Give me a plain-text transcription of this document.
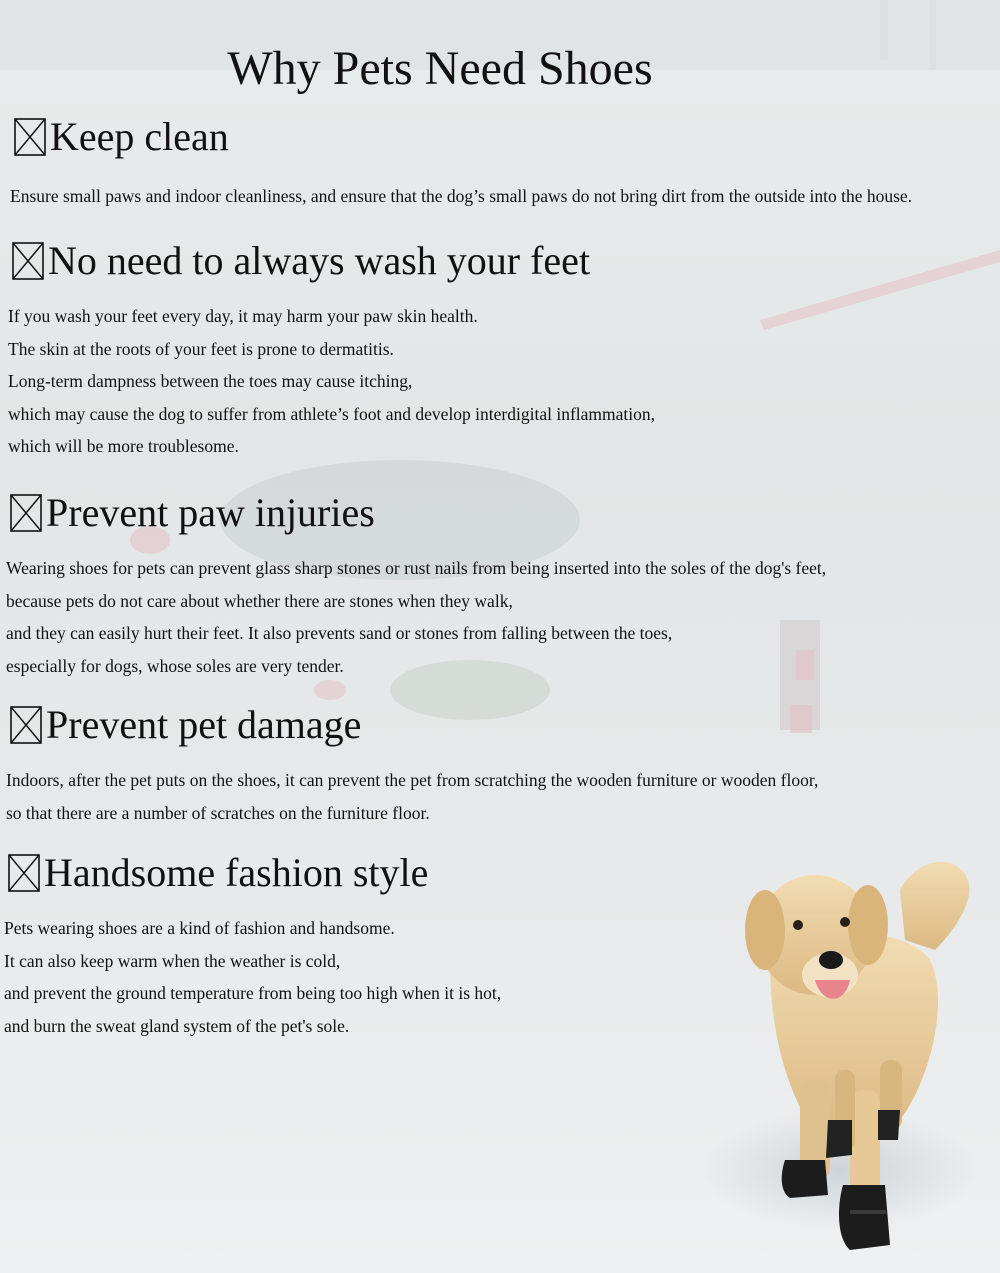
Why Pets Need Shoes
Keep clean
Ensure small paws and indoor cleanliness, and ensure that the dog’s small paws do not bring dirt from the outside into the house.
No need to always wash your feet
If you wash your feet every day, it may harm your paw skin health.
The skin at the roots of your feet is prone to dermatitis.
Long-term dampness between the toes may cause itching,
which may cause the dog to suffer from athlete’s foot and develop interdigital inflammation,
which will be more troublesome.
Prevent paw injuries
Wearing shoes for pets can prevent glass sharp stones or rust nails from being inserted into the soles of the dog's feet,
because pets do not care about whether there are stones when they walk,
and they can easily hurt their feet. It also prevents sand or stones from falling between the toes,
especially for dogs, whose soles are very tender.
Prevent pet damage
Indoors, after the pet puts on the shoes, it can prevent the pet from scratching the wooden furniture or wooden floor,
so that there are a number of scratches on the furniture floor.
Handsome fashion style
Pets wearing shoes are a kind of fashion and handsome.
It can also keep warm when the weather is cold,
and prevent the ground temperature from being too high when it is hot,
and burn the sweat gland system of the pet's sole.
